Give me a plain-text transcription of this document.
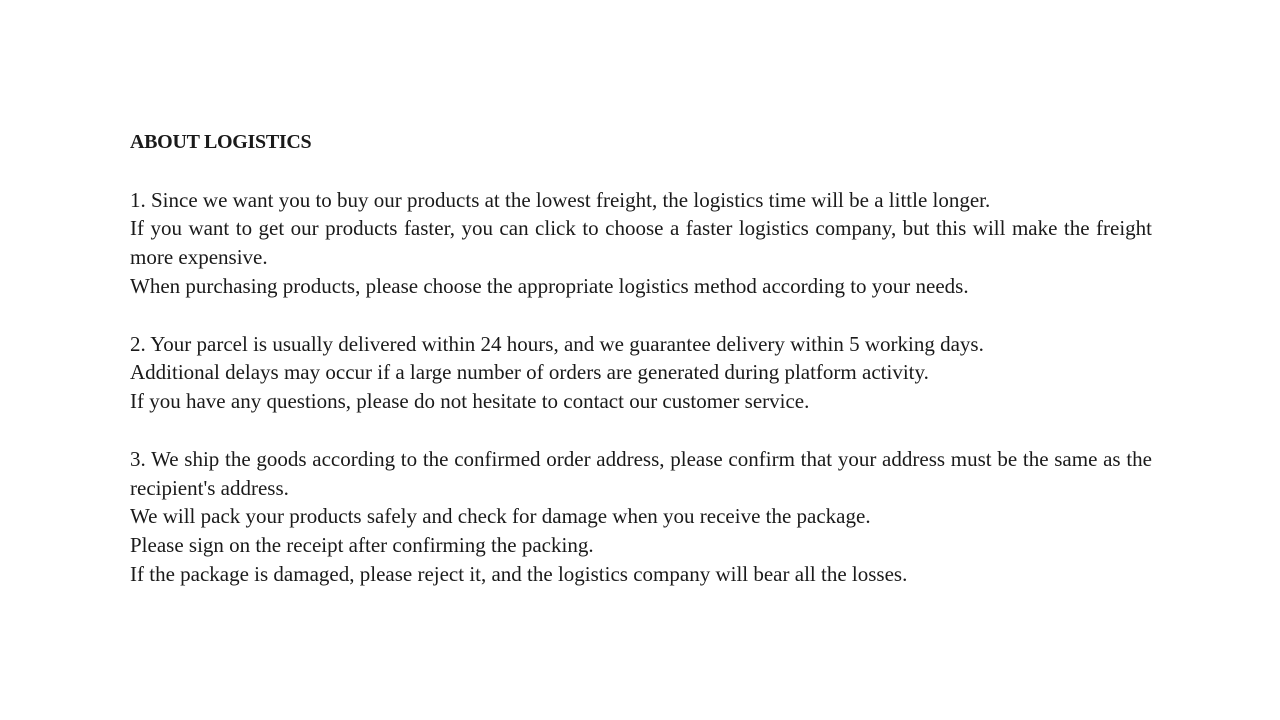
ABOUT LOGISTICS

1. Since we want you to buy our products at the lowest freight, the logistics time will be a little longer.

If you want to get our products faster, you can click to choose a faster logistics company, but this will make the freight more expensive.

When purchasing products, please choose the appropriate logistics method according to your needs.

2. Your parcel is usually delivered within 24 hours, and we guarantee delivery within 5 working days.

Additional delays may occur if a large number of orders are generated during platform activity.

If you have any questions, please do not hesitate to contact our customer service.

3. We ship the goods according to the confirmed order address, please confirm that your address must be the same as the recipient's address.

We will pack your products safely and check for damage when you receive the package.

Please sign on the receipt after confirming the packing.

If the package is damaged, please reject it, and the logistics company will bear all the losses.
